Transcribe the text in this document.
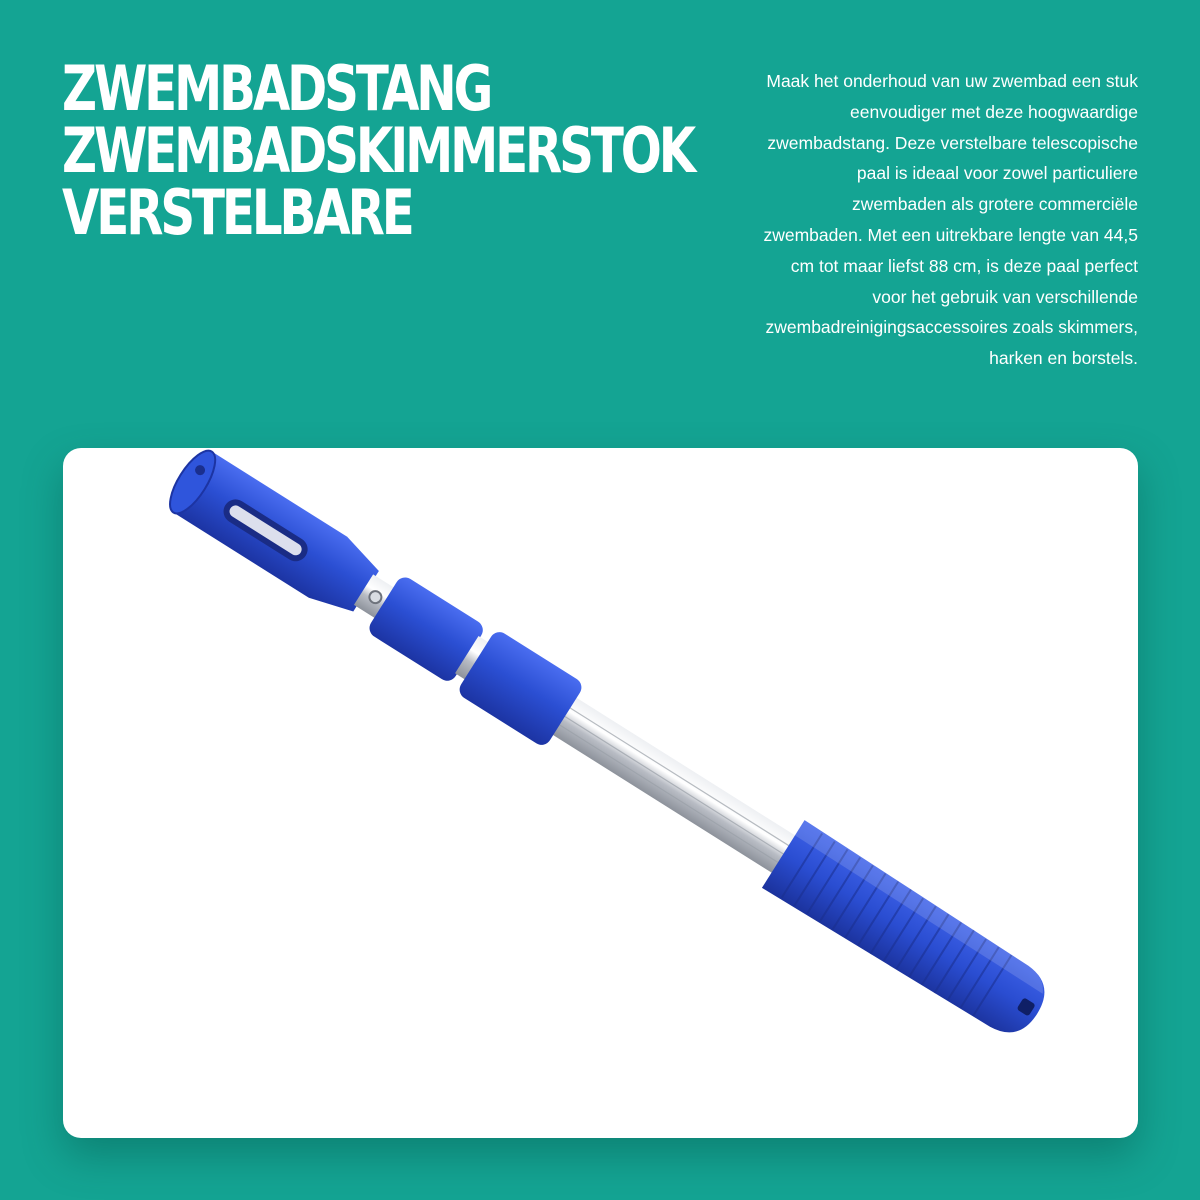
ZWEMBADSTANG
ZWEMBADSKIMMERSTOK
VERSTELBARE

Maak het onderhoud van uw zwembad een stuk eenvoudiger met deze hoogwaardige zwembadstang. Deze verstelbare telescopische paal is ideaal voor zowel particuliere zwembaden als grotere commerciële zwembaden. Met een uitrekbare lengte van 44,5 cm tot maar liefst 88 cm, is deze paal perfect voor het gebruik van verschillende zwembadreinigingsaccessoires zoals skimmers, harken en borstels.
